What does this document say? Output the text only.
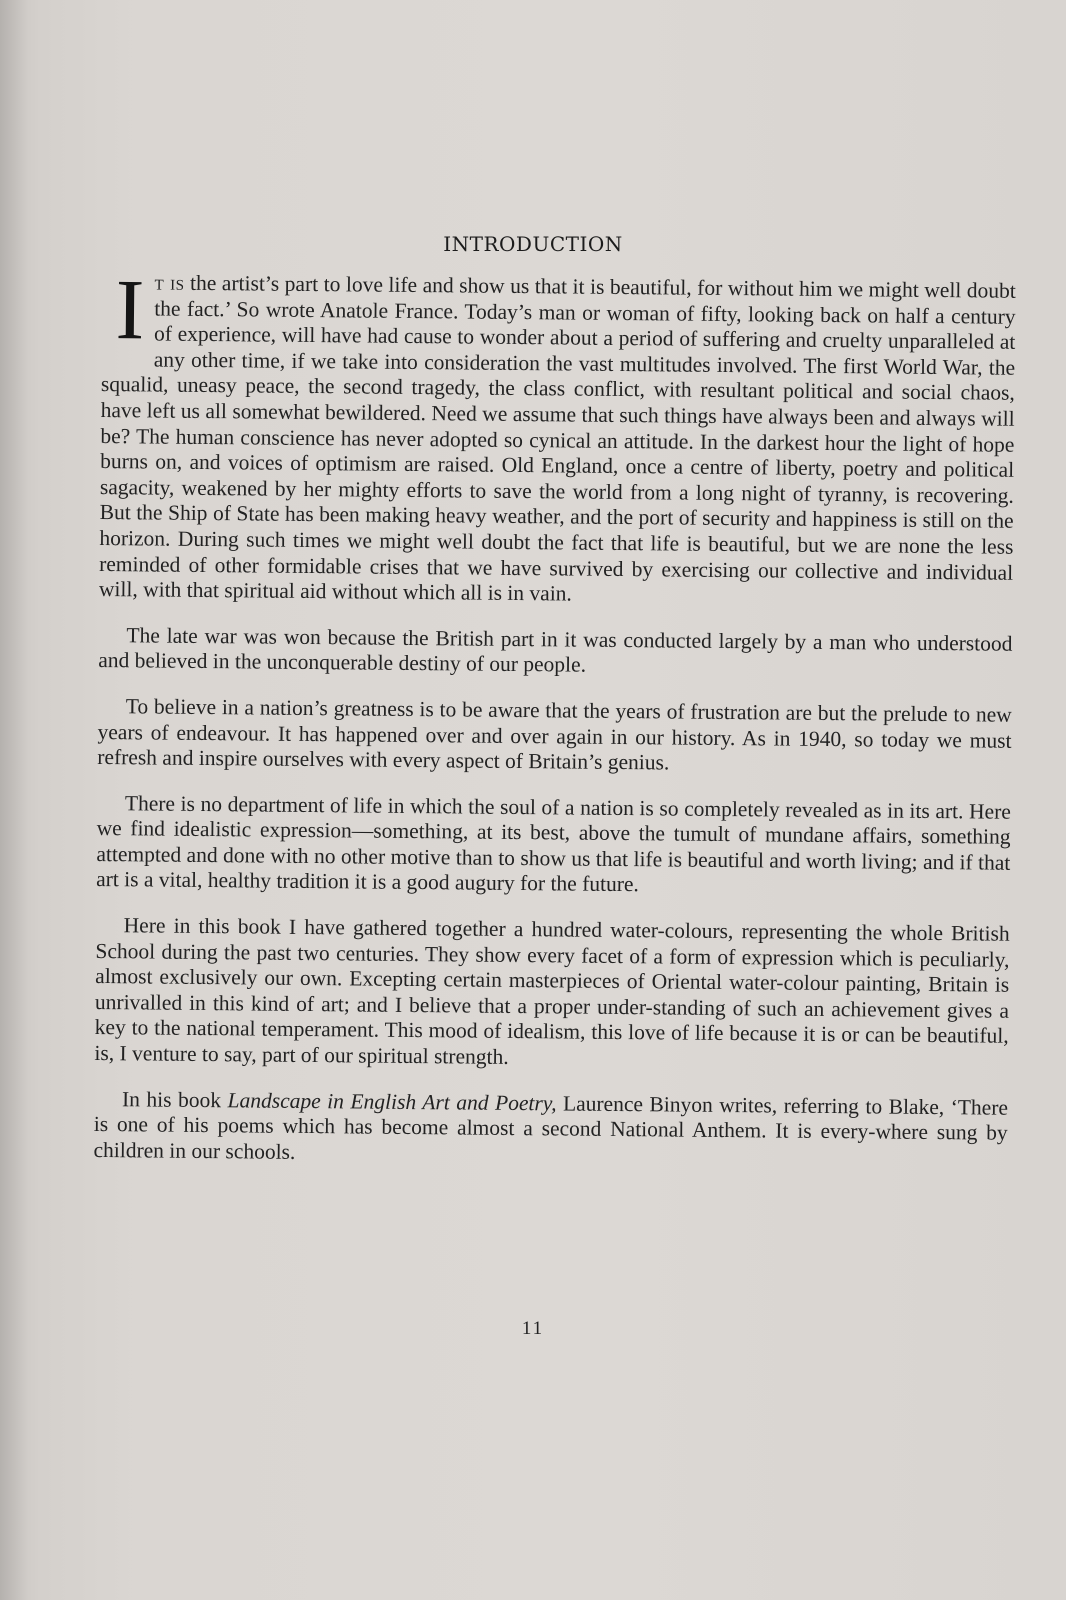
INTRODUCTION

It is the artist’s part to love life and show us that it is beautiful, for without him we might well doubt the fact.’ So wrote Anatole France. Today’s man or woman of fifty, looking back on half a century of experience, will have had cause to wonder about a period of suffering and cruelty unparalleled at any other time, if we take into consideration the vast multitudes involved. The first World War, the squalid, uneasy peace, the second tragedy, the class conflict, with resultant political and social chaos, have left us all somewhat bewildered. Need we assume that such things have always been and always will be? The human conscience has never adopted so cynical an attitude. In the darkest hour the light of hope burns on, and voices of optimism are raised. Old England, once a centre of liberty, poetry and political sagacity, weakened by her mighty efforts to save the world from a long night of tyranny, is recovering. But the Ship of State has been making heavy weather, and the port of security and happiness is still on the horizon. During such times we might well doubt the fact that life is beautiful, but we are none the less reminded of other formidable crises that we have survived by exercising our collective and individual will, with that spiritual aid without which all is in vain.

The late war was won because the British part in it was conducted largely by a man who understood and believed in the unconquerable destiny of our people.

To believe in a nation’s greatness is to be aware that the years of frustration are but the prelude to new years of endeavour. It has happened over and over again in our history. As in 1940, so today we must refresh and inspire ourselves with every aspect of Britain’s genius.

There is no department of life in which the soul of a nation is so completely revealed as in its art. Here we find idealistic expression—something, at its best, above the tumult of mundane affairs, something attempted and done with no other motive than to show us that life is beautiful and worth living; and if that art is a vital, healthy tradition it is a good augury for the future.

Here in this book I have gathered together a hundred water-colours, representing the whole British School during the past two centuries. They show every facet of a form of expression which is peculiarly, almost exclusively our own. Excepting certain masterpieces of Oriental water-colour painting, Britain is unrivalled in this kind of art; and I believe that a proper under-standing of such an achievement gives a key to the national temperament. This mood of idealism, this love of life because it is or can be beautiful, is, I venture to say, part of our spiritual strength.

In his book Landscape in English Art and Poetry, Laurence Binyon writes, referring to Blake, ‘There is one of his poems which has become almost a second National Anthem. It is every-where sung by children in our schools.

11
